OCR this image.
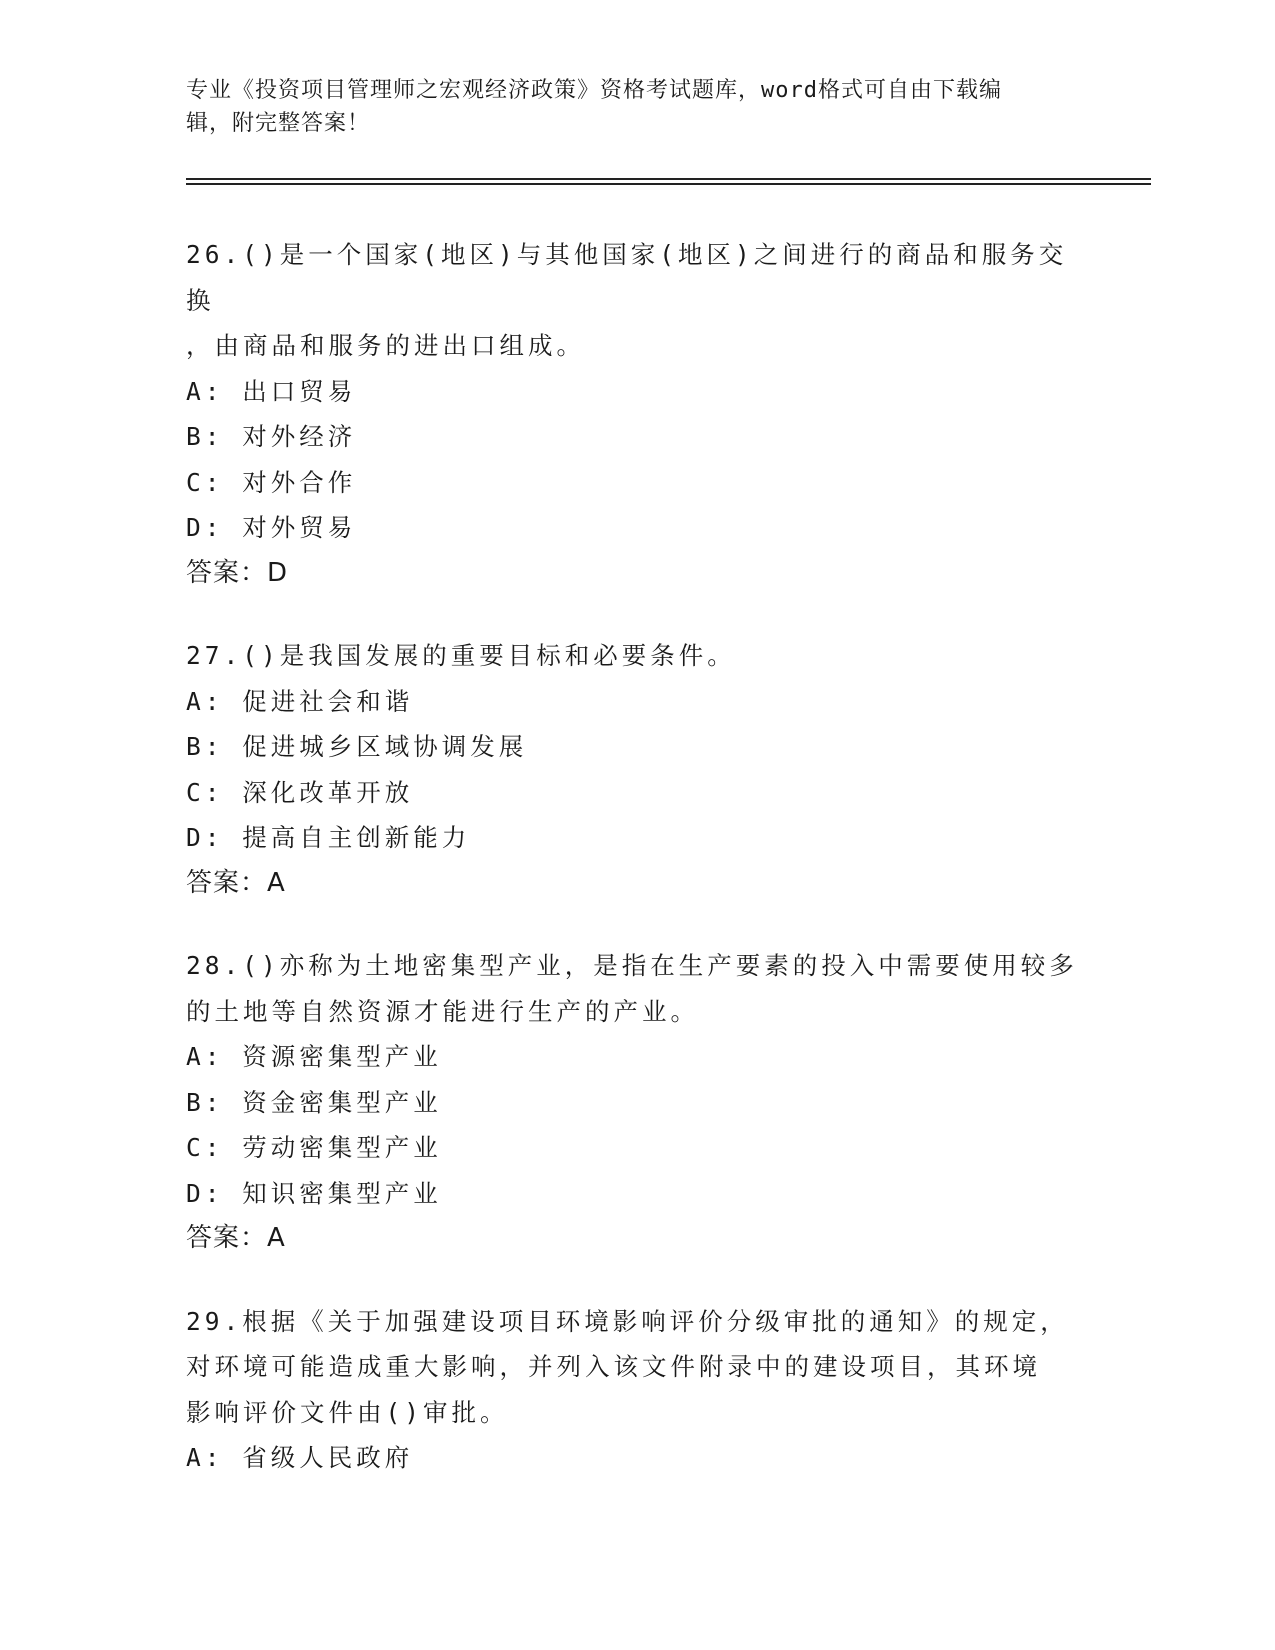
专业《投资项目管理师之宏观经济政策》资格考试题库，word格式可自由下载编
辑，附完整答案！
26.()是一个国家(地区)与其他国家(地区)之间进行的商品和服务交换
，由商品和服务的进出口组成。
A: 出口贸易
B: 对外经济
C: 对外合作
D: 对外贸易
答案：D
27.()是我国发展的重要目标和必要条件。
A: 促进社会和谐
B: 促进城乡区域协调发展
C: 深化改革开放
D: 提高自主创新能力
答案：A
28.()亦称为土地密集型产业，是指在生产要素的投入中需要使用较多
的土地等自然资源才能进行生产的产业。
A: 资源密集型产业
B: 资金密集型产业
C: 劳动密集型产业
D: 知识密集型产业
答案：A
29.根据《关于加强建设项目环境影响评价分级审批的通知》的规定，
对环境可能造成重大影响，并列入该文件附录中的建设项目，其环境
影响评价文件由()审批。
A: 省级人民政府
